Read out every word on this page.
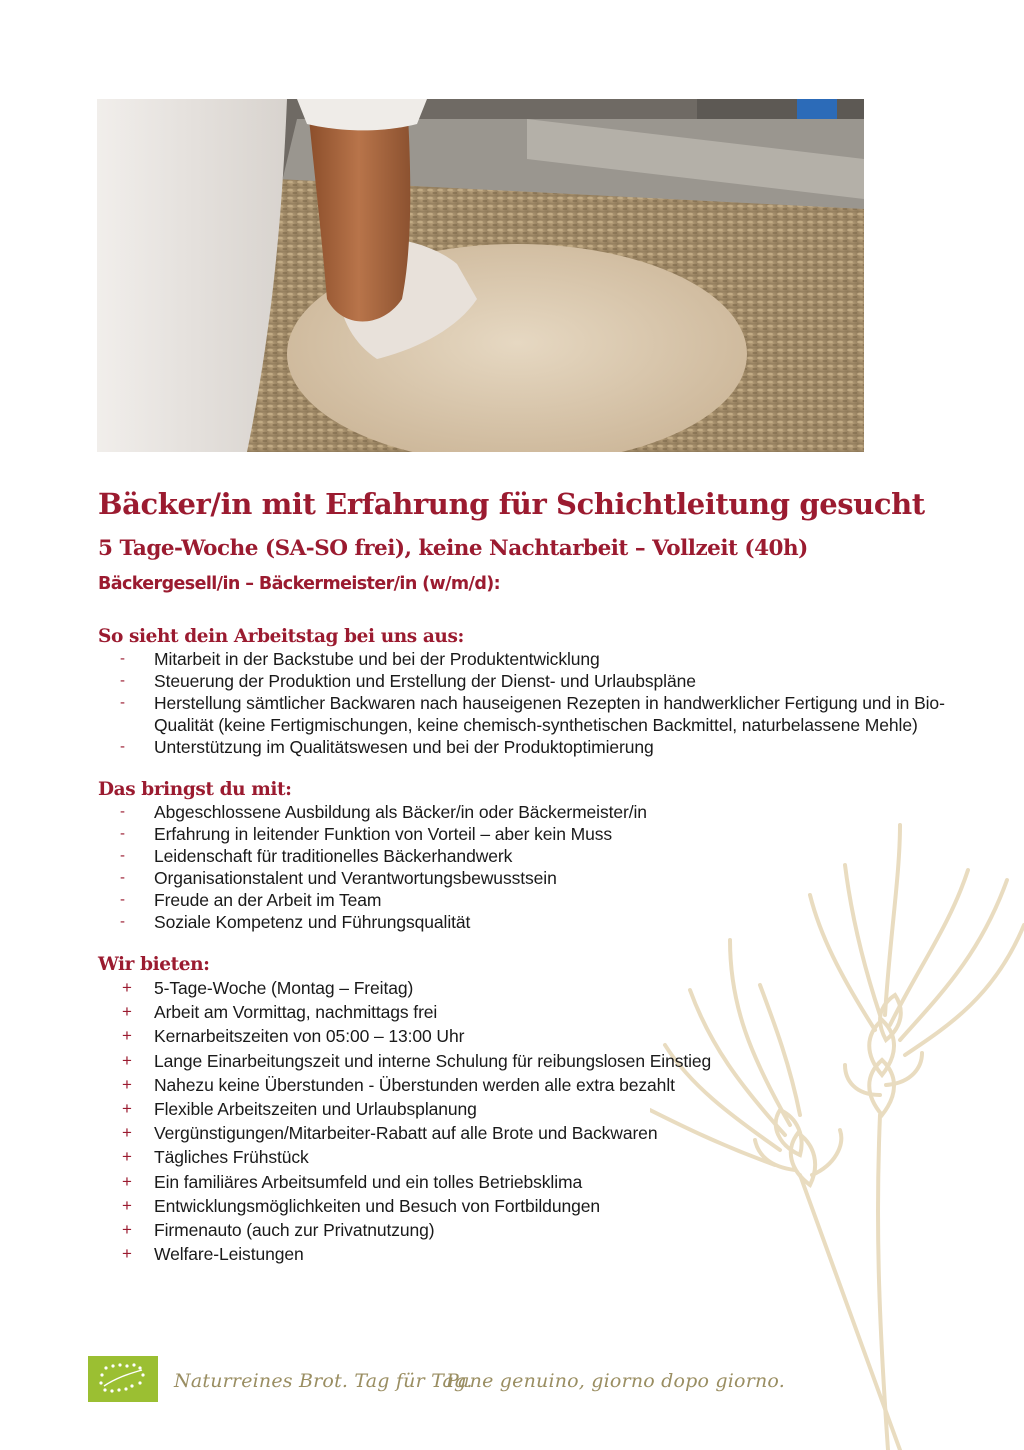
Bäcker/in mit Erfahrung für Schichtleitung gesucht

5 Tage-Woche (SA-SO frei), keine Nachtarbeit – Vollzeit (40h)

Bäckergesell/in – Bäckermeister/in (w/m/d):

So sieht dein Arbeitstag bei uns aus:
- Mitarbeit in der Backstube und bei der Produktentwicklung
- Steuerung der Produktion und Erstellung der Dienst- und Urlaubspläne
- Herstellung sämtlicher Backwaren nach hauseigenen Rezepten in handwerklicher Fertigung und in Bio-Qualität (keine Fertigmischungen, keine chemisch-synthetischen Backmittel, naturbelassene Mehle)
- Unterstützung im Qualitätswesen und bei der Produktoptimierung
Das bringst du mit:
- Abgeschlossene Ausbildung als Bäcker/in oder Bäckermeister/in
- Erfahrung in leitender Funktion von Vorteil – aber kein Muss
- Leidenschaft für traditionelles Bäckerhandwerk
- Organisationstalent und Verantwortungsbewusstsein
- Freude an der Arbeit im Team
- Soziale Kompetenz und Führungsqualität
Wir bieten:
+ 5-Tage-Woche (Montag – Freitag)
+ Arbeit am Vormittag, nachmittags frei
+ Kernarbeitszeiten von 05:00 – 13:00 Uhr
+ Lange Einarbeitungszeit und interne Schulung für reibungslosen Einstieg
+ Nahezu keine Überstunden - Überstunden werden alle extra bezahlt
+ Flexible Arbeitszeiten und Urlaubsplanung
+ Vergünstigungen/Mitarbeiter-Rabatt auf alle Brote und Backwaren
+ Tägliches Frühstück
+ Ein familiäres Arbeitsumfeld und ein tolles Betriebsklima
+ Entwicklungsmöglichkeiten und Besuch von Fortbildungen
+ Firmenauto (auch zur Privatnutzung)
+ Welfare-Leistungen
Naturreines Brot. Tag für Tag.
Pane genuino, giorno dopo giorno.
